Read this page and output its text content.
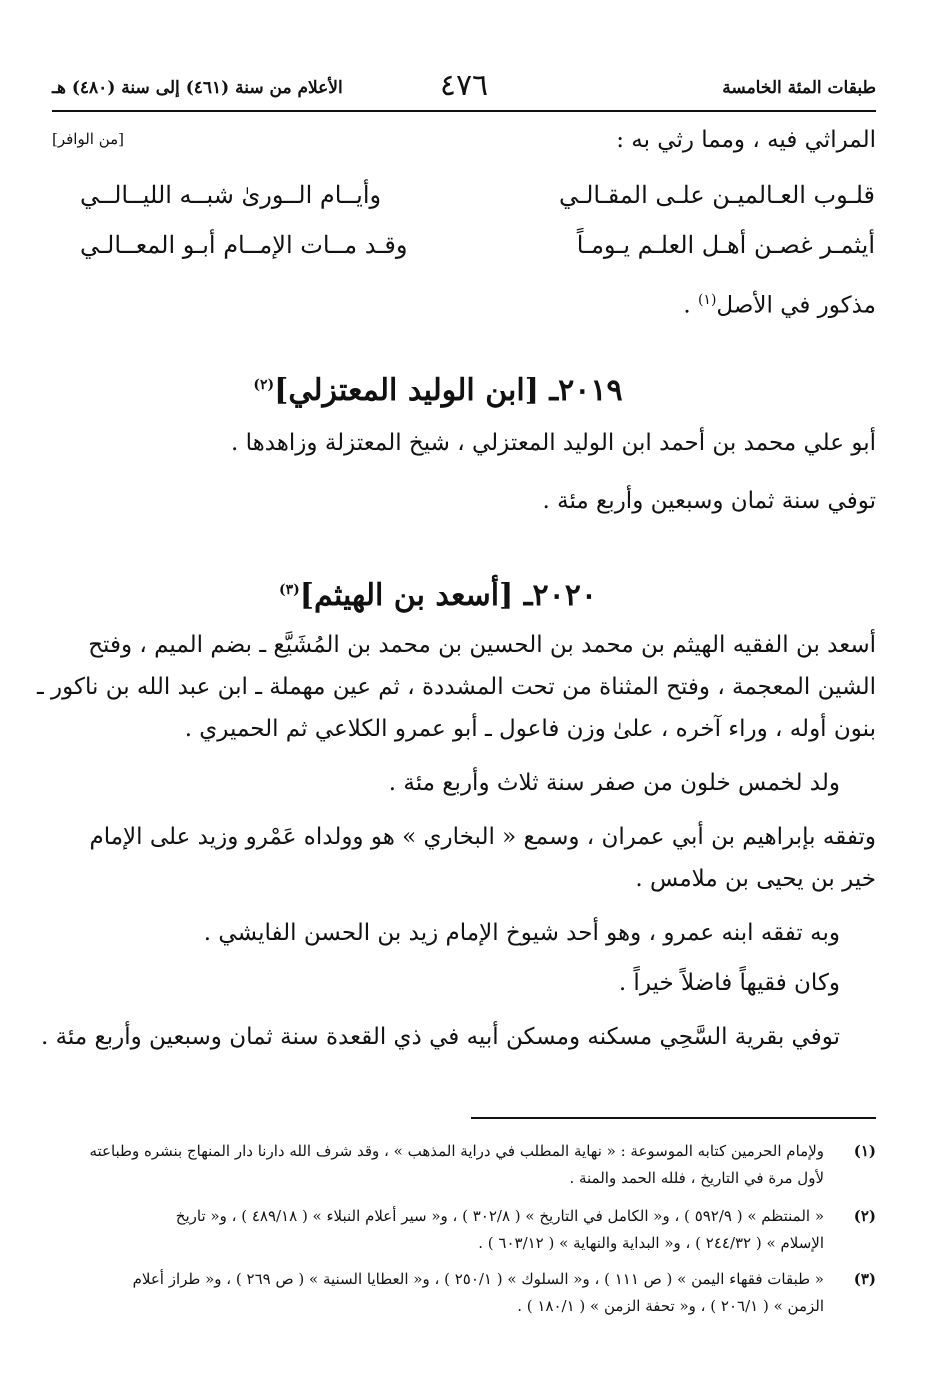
طبقات المئة الخامسة
٤٧٦
الأعلام من سنة (٤٦١) إلى سنة (٤٨٠) هـ
المراثي فيه ، ومما رثي به :
[من الوافر]
قلـوب العـالميـن علـى المقـالـي
وأيــام الــورىٰ شبــه الليــالــي
أيثمـر غصـن أهـل العلـم يـومـاً
وقـد مــات الإمــام أبـو المعــالـي
مذكور في الأصل$^{(١)}$ .
٢٠١٩ـ [ابن الوليد المعتزلي]$^{(٢)}$
أبو علي محمد بن أحمد ابن الوليد المعتزلي ، شيخ المعتزلة وزاهدها .
توفي سنة ثمان وسبعين وأربع مئة .
٢٠٢٠ـ [أسعد بن الهيثم]$^{(٣)}$
أسعد بن الفقيه الهيثم بن محمد بن الحسين بن محمد بن المُشَيَّع ـ بضم الميم ، وفتح
الشين المعجمة ، وفتح المثناة من تحت المشددة ، ثم عين مهملة ـ ابن عبد الله بن ناكور ـ
بنون أوله ، وراء آخره ، علىٰ وزن فاعول ـ أبو عمرو الكلاعي ثم الحميري .
ولد لخمس خلون من صفر سنة ثلاث وأربع مئة .
وتفقه بإبراهيم بن أبي عمران ، وسمع « البخاري » هو وولداه عَمْرو وزيد على الإمام
خير بن يحيى بن ملامس .
وبه تفقه ابنه عمرو ، وهو أحد شيوخ الإمام زيد بن الحسن الفايشي .
وكان فقيهاً فاضلاً خيراً .
توفي بقرية السَّحِي مسكنه ومسكن أبيه في ذي القعدة سنة ثمان وسبعين وأربع مئة .
(١)
ولإمام الحرمين كتابه الموسوعة : « نهاية المطلب في دراية المذهب » ، وقد شرف الله دارنا دار المنهاج بنشره وطباعته
لأول مرة في التاريخ ، فلله الحمد والمنة .
(٢)
« المنتظم » ( ٥٩٢/٩ ) ، و« الكامل في التاريخ » ( ٣٠٢/٨ ) ، و« سير أعلام النبلاء » ( ٤٨٩/١٨ ) ، و« تاريخ
الإسلام » ( ٢٤٤/٣٢ ) ، و« البداية والنهاية » ( ٦٠٣/١٢ ) .
(٣)
« طبقات فقهاء اليمن » ( ص ١١١ ) ، و« السلوك » ( ٢٥٠/١ ) ، و« العطايا السنية » ( ص ٢٦٩ ) ، و« طراز أعلام
الزمن » ( ٢٠٦/١ ) ، و« تحفة الزمن » ( ١٨٠/١ ) .
